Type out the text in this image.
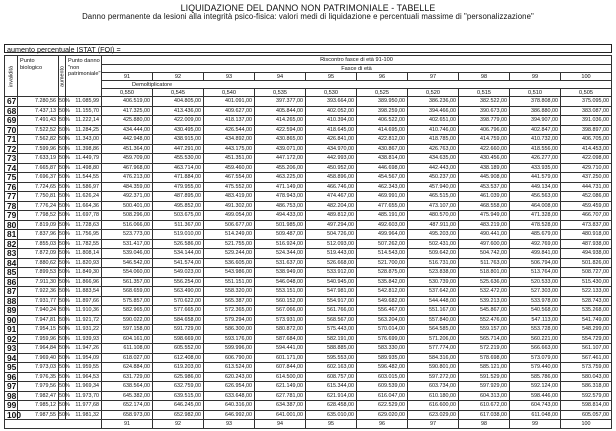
LIQUIDAZIONE DEL DANNO NON PATRIMONIALE - TABELLE
Danno permanente da lesioni alla integrità psico-fisica: valori medi di liquidazione e percentuali massime di "personalizzazione"
aumento percentuale ISTAT (FOI) =
invalidità	Punto biologico	aumento	Punto danno "non patrimoniale"	Riscontro fasce di età 91-100									
				Fasce di età									
				91	92	93	94	95	96	97	98	99	100
				Demoltiplicatore									
				0,550	0,545	0,540	0,535	0,530	0,525	0,520	0,515	0,510	0,505
67	7.280,56	50%	11.085,99	406.519,00	404.805,00	401.091,00	397.377,00	393.664,00	389.950,00	386.236,00	382.522,00	378.808,00	375.095,00
68	7.437,13	50%	11.155,70	417.325,00	413.436,00	409.627,00	405.844,00	402.052,00	398.259,00	394.466,00	390.673,00	386.880,00	383.087,00
69	7.491,43	50%	11.222,14	425.880,00	422.009,00	418.137,00	414.265,00	410.394,00	406.522,00	402.651,00	398.779,00	394.907,00	391.036,00
70	7.522,52	50%	11.284,25	434.444,00	430.495,00	426.544,00	422.594,00	418.645,00	414.695,00	410.746,00	406.796,00	402.847,00	398.897,00
71	7.562,82	50%	11.343,00	442.948,00	438.915,00	434.892,00	430.865,00	426.841,00	422.812,00	418.785,00	414.759,00	410.732,00	406.705,00
72	7.599,96	50%	11.398,86	451.364,00	447.291,00	443.175,00	439.071,00	434.970,00	430.867,00	426.763,00	422.660,00	418.556,00	414.453,00
73	7.633,19	50%	11.449,79	459.709,00	455.530,00	451.351,00	447.172,00	442.993,00	438.814,00	434.635,00	430.456,00	426.277,00	422.098,00
74	7.665,87	50%	11.498,80	467.968,00	463.714,00	459.460,00	455.206,00	450.952,00	446.698,00	442.443,00	438.189,00	433.935,00	429.710,00
75	7.696,37	50%	11.544,55	476.213,00	471.884,00	467.554,00	463.225,00	458.896,00	454.567,00	450.237,00	445.908,00	441.579,00	437.250,00
76	7.724,65	50%	11.586,97	484.359,00	479.955,00	475.552,00	471.149,00	466.746,00	462.343,00	457.940,00	453.537,00	449.134,00	444.731,00
77	7.750,81	50%	11.626,24	492.371,00	487.895,00	483.419,00	478.943,00	474.467,00	469.991,00	465.515,00	461.039,00	456.563,00	452.086,00
78	7.776,24	50%	11.664,36	500.401,00	495.852,00	491.302,00	486.753,00	482.204,00	477.655,00	473.107,00	468.558,00	464.008,00	459.459,00
79	7.798,52	50%	11.697,78	508.296,00	503.675,00	499.054,00	494.433,00	489.812,00	485.191,00	480.570,00	475.949,00	471.328,00	466.707,00
80	7.819,09	50%	11.728,63	516.066,00	511.367,00	506.677,00	501.985,00	497.294,00	492.603,00	487.911,00	483.219,00	478.528,00	473.837,00
81	7.837,96	50%	11.756,95	523.773,00	519.010,00	514.249,00	509.487,00	504.726,00	499.964,00	495.203,00	490.441,00	485.679,00	480.918,00
82	7.855,03	50%	11.782,55	531.417,00	526.586,00	521.755,00	516.924,00	512.093,00	507.262,00	502.431,00	497.600,00	492.769,00	487.938,00
83	7.872,09	50%	11.808,14	539.046,00	534.144,00	529.244,00	524.344,00	519.443,00	514.543,00	509.642,00	504.742,00	499.841,00	494.938,00
84	7.880,62	50%	11.820,93	546.542,00	541.574,00	536.605,00	531.637,00	526.668,00	521.700,00	516.731,00	511.763,00	506.794,00	501.826,00
85	7.899,53	50%	11.849,30	554.060,00	549.023,00	543.986,00	538.949,00	533.912,00	528.875,00	523.838,00	518.801,00	513.764,00	508.727,00
86	7.911,30	50%	11.866,96	561.357,00	556.254,00	551.151,00	546.048,00	540.945,00	535.842,00	530.739,00	525.636,00	520.533,00	515.430,00
87	7.922,36	50%	11.883,54	568.659,00	563.490,00	558.320,00	553.151,00	547.981,00	542.812,00	537.642,00	532.472,00	527.303,00	522.133,00
88	7.931,77	50%	11.897,66	575.857,00	570.622,00	565.387,00	560.152,00	554.917,00	549.682,00	544.448,00	539.213,00	533.978,00	528.743,00
89	7.940,24	50%	11.910,36	582.965,00	577.665,00	572.365,00	567.066,00	561.766,00	556.467,00	551.167,00	545.867,00	540.568,00	535.268,00
90	7.947,81	50%	11.921,72	590.022,00	584.658,00	579.294,00	573.931,00	568.567,00	563.204,00	557.840,00	552.476,00	547.113,00	541.749,00
91	7.954,15	50%	11.931,22	597.158,00	591.729,00	586.300,00	580.872,00	575.443,00	570.014,00	564.585,00	559.157,00	553.728,00	548.299,00
92	7.959,96	50%	11.939,93	604.161,00	598.669,00	593.176,00	587.684,00	582.191,00	576.699,00	571.206,00	565.714,00	560.221,00	554.729,00
93	7.964,84	50%	11.947,26	611.108,00	605.552,00	599.996,00	594.441,00	588.885,00	583.330,00	577.774,00	572.219,00	566.663,00	561.107,00
94	7.969,40	50%	11.954,09	618.027,00	612.408,00	606.790,00	601.171,00	595.553,00	589.935,00	584.316,00	578.698,00	573.079,00	567.461,00
95	7.973,03	50%	11.959,55	624.884,00	619.203,00	613.524,00	607.844,00	602.163,00	596.482,00	590.801,00	585.121,00	579.440,00	573.759,00
96	7.976,35	50%	11.964,53	631.729,00	625.986,00	620.243,00	614.500,00	608.757,00	603.015,00	597.272,00	591.529,00	585.786,00	580.043,00
97	7.979,56	50%	11.969,34	638.564,00	632.759,00	626.954,00	621.149,00	615.344,00	609.539,00	603.734,00	597.929,00	592.124,00	586.318,00
98	7.982,47	50%	11.973,70	645.382,00	639.515,00	633.648,00	627.781,00	621.914,00	616.047,00	610.180,00	604.313,00	598.446,00	592.579,00
99	7.985,12	50%	11.977,68	652.174,00	646.245,00	640.316,00	634.387,00	628.458,00	622.529,00	616.600,00	610.672,00	604.743,00	598.814,00
100	7.987,55	50%	11.981,32	658.973,00	652.982,00	646.992,00	641.001,00	635.010,00	629.020,00	623.029,00	617.038,00	611.048,00	605.057,00
				91	92	93	94	95	96	97	98	99	100
